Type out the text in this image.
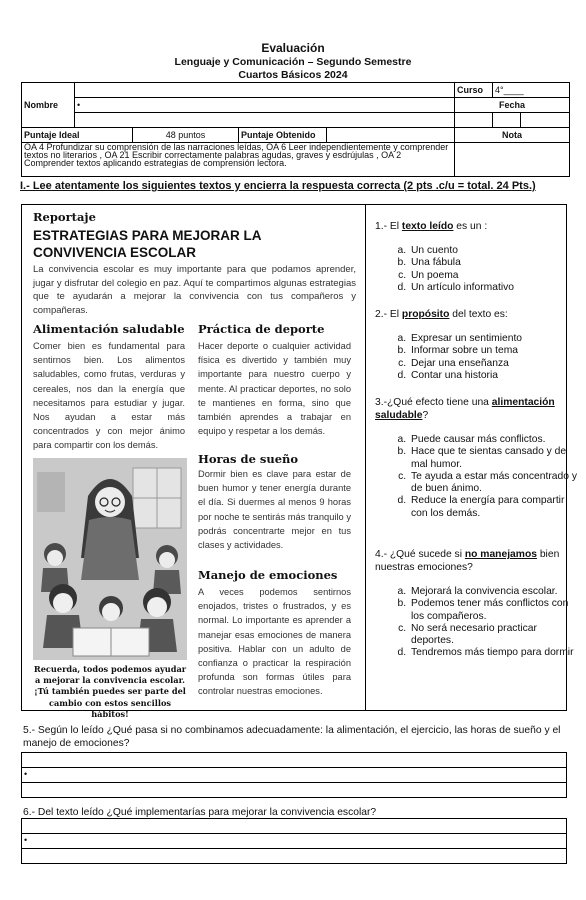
Evaluación
Lenguaje y Comunicación – Segundo Semestre
Cuartos Básicos 2024
Nombre					Curso	4°____	
	•				Fecha		

Puntaje Ideal		48 puntos	Puntaje Obtenido		Nota		
OA 4 Profundizar su comprensión de las narraciones leídas, OA 6 Leer independientemente y comprender textos no literarios , OA 21 Escribir correctamente palabras agudas, graves y esdrújulas , OA 2 Comprender textos aplicando estrategias de comprensión lectora.							
I.- Lee atentamente los siguientes textos y encierra la respuesta correcta (2 pts .c/u = total. 24 Pts.)
Reportaje
ESTRATEGIAS PARA MEJORAR LA CONVIVENCIA ESCOLAR
La convivencia escolar es muy importante para que podamos aprender, jugar y disfrutar del colegio en paz. Aquí te compartimos algunas estrategias que te ayudarán a mejorar la convivencia con tus compañeros y compañeras.
Alimentación saludable
Comer bien es fundamental para sentirnos bien. Los alimentos saludables, como frutas, verduras y cereales, nos dan la energía que necesitamos para estudiar y jugar. Nos ayudan a estar más concentrados y con mejor ánimo para compartir con los demás.
Práctica de deporte
Hacer deporte o cualquier actividad física es divertido y también muy importante para nuestro cuerpo y mente. Al practicar deportes, no solo te mantienes en forma, sino que también aprendes a trabajar en equipo y respetar a los demás.
Horas de sueño
Dormir bien es clave para estar de buen humor y tener energía durante el día. Si duermes al menos 9 horas por noche te sentirás más tranquilo y podrás concentrarte mejor en tus clases y actividades.
Manejo de emociones
A veces podemos sentirnos enojados, tristes o frustrados, y es normal. Lo importante es aprender a manejar esas emociones de manera positiva. Hablar con un adulto de confianza o practicar la respiración profunda son formas útiles para controlar nuestras emociones.
Recuerda, todos podemos ayudar a mejorar la convivencia escolar. ¡Tú también puedes ser parte del cambio con estos sencillos hábitos!
1.- El texto leído es un :
a. Un cuento
b. Una fábula
c. Un poema
d. Un artículo informativo
2.- El propósito del texto es:
a. Expresar un sentimiento
b. Informar sobre un tema
c. Dejar una enseñanza
d. Contar una historia
3.-¿Qué efecto tiene una alimentación saludable?
a. Puede causar más conflictos.
b. Hace que te sientas cansado y de mal humor.
c. Te ayuda a estar más concentrado y de buen ánimo.
d. Reduce la energía para compartir con los demás.
4.- ¿Qué sucede si no manejamos bien nuestras emociones?
a. Mejorará la convivencia escolar.
b. Podemos tener más conflictos con los compañeros.
c. No será necesario practicar deportes.
d. Tendremos más tiempo para dormir
5.- Según lo leído ¿Qué pasa si no combinamos adecuadamente: la alimentación, el ejercicio, las horas de sueño y el manejo de emociones?
•
6.- Del texto leído ¿Qué implementarías para mejorar la convivencia escolar?
•
